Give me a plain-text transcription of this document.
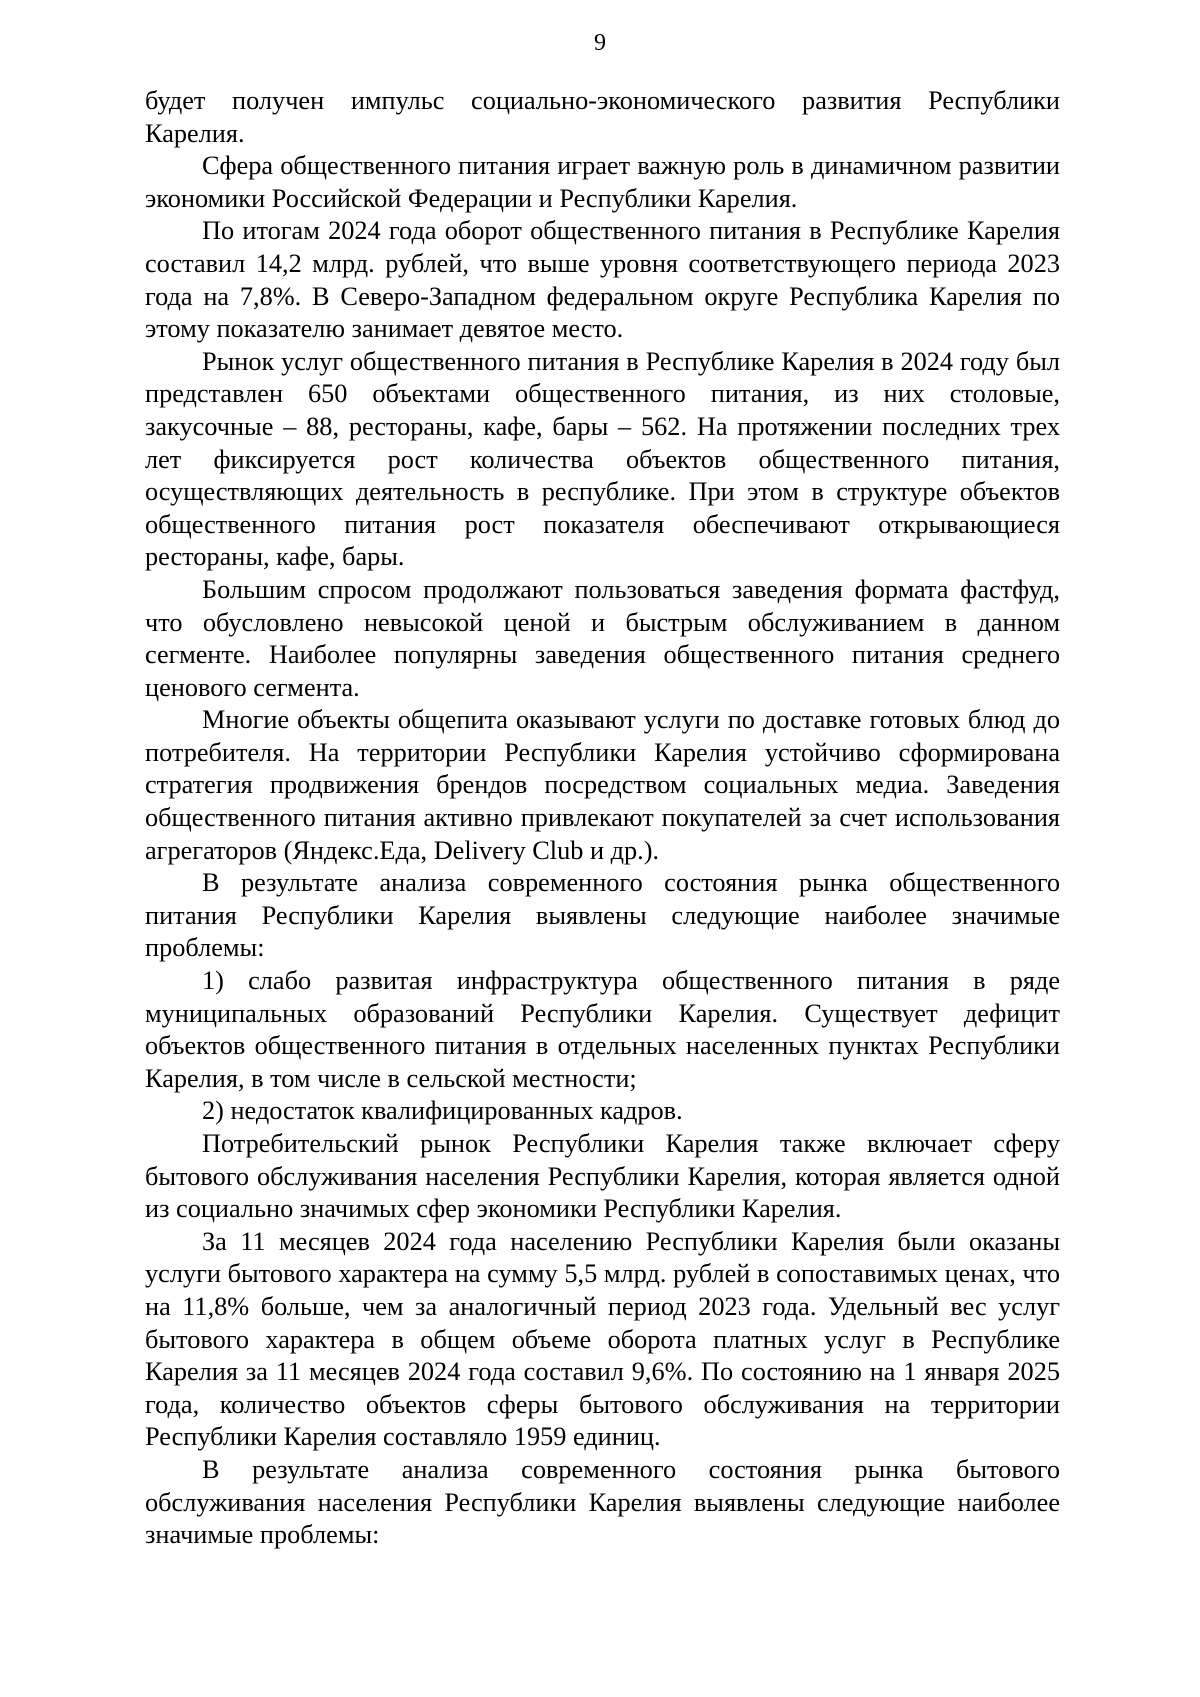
9

будет получен импульс социально-экономического развития Республики Карелия.

Сфера общественного питания играет важную роль в динамичном развитии экономики Российской Федерации и Республики Карелия.

По итогам 2024 года оборот общественного питания в Республике Карелия составил 14,2 млрд. рублей, что выше уровня соответствующего периода 2023 года на 7,8%. В Северо-Западном федеральном округе Республика Карелия по этому показателю занимает девятое место.

Рынок услуг общественного питания в Республике Карелия в 2024 году был представлен 650 объектами общественного питания, из них столовые, закусочные – 88, рестораны, кафе, бары – 562. На протяжении последних трех лет фиксируется рост количества объектов общественного питания, осуществляющих деятельность в республике. При этом в структуре объектов общественного питания рост показателя обеспечивают открывающиеся рестораны, кафе, бары.

Большим спросом продолжают пользоваться заведения формата фастфуд, что обусловлено невысокой ценой и быстрым обслуживанием в данном сегменте. Наиболее популярны заведения общественного питания среднего ценового сегмента.

Многие объекты общепита оказывают услуги по доставке готовых блюд до потребителя. На территории Республики Карелия устойчиво сформирована стратегия продвижения брендов посредством социальных медиа. Заведения общественного питания активно привлекают покупателей за счет использования агрегаторов (Яндекс.Еда, Delivery Club и др.).

В результате анализа современного состояния рынка общественного питания Республики Карелия выявлены следующие наиболее значимые проблемы:

1) слабо развитая инфраструктура общественного питания в ряде муниципальных образований Республики Карелия. Существует дефицит объектов общественного питания в отдельных населенных пунктах Республики Карелия, в том числе в сельской местности;

2) недостаток квалифицированных кадров.

Потребительский рынок Республики Карелия также включает сферу бытового обслуживания населения Республики Карелия, которая является одной из социально значимых сфер экономики Республики Карелия.

За 11 месяцев 2024 года населению Республики Карелия были оказаны услуги бытового характера на сумму 5,5 млрд. рублей в сопоставимых ценах, что на 11,8% больше, чем за аналогичный период 2023 года. Удельный вес услуг бытового характера в общем объеме оборота платных услуг в Республике Карелия за 11 месяцев 2024 года составил 9,6%. По состоянию на 1 января 2025 года, количество объектов сферы бытового обслуживания на территории Республики Карелия составляло 1959 единиц.

В результате анализа современного состояния рынка бытового обслуживания населения Республики Карелия выявлены следующие наиболее значимые проблемы:
